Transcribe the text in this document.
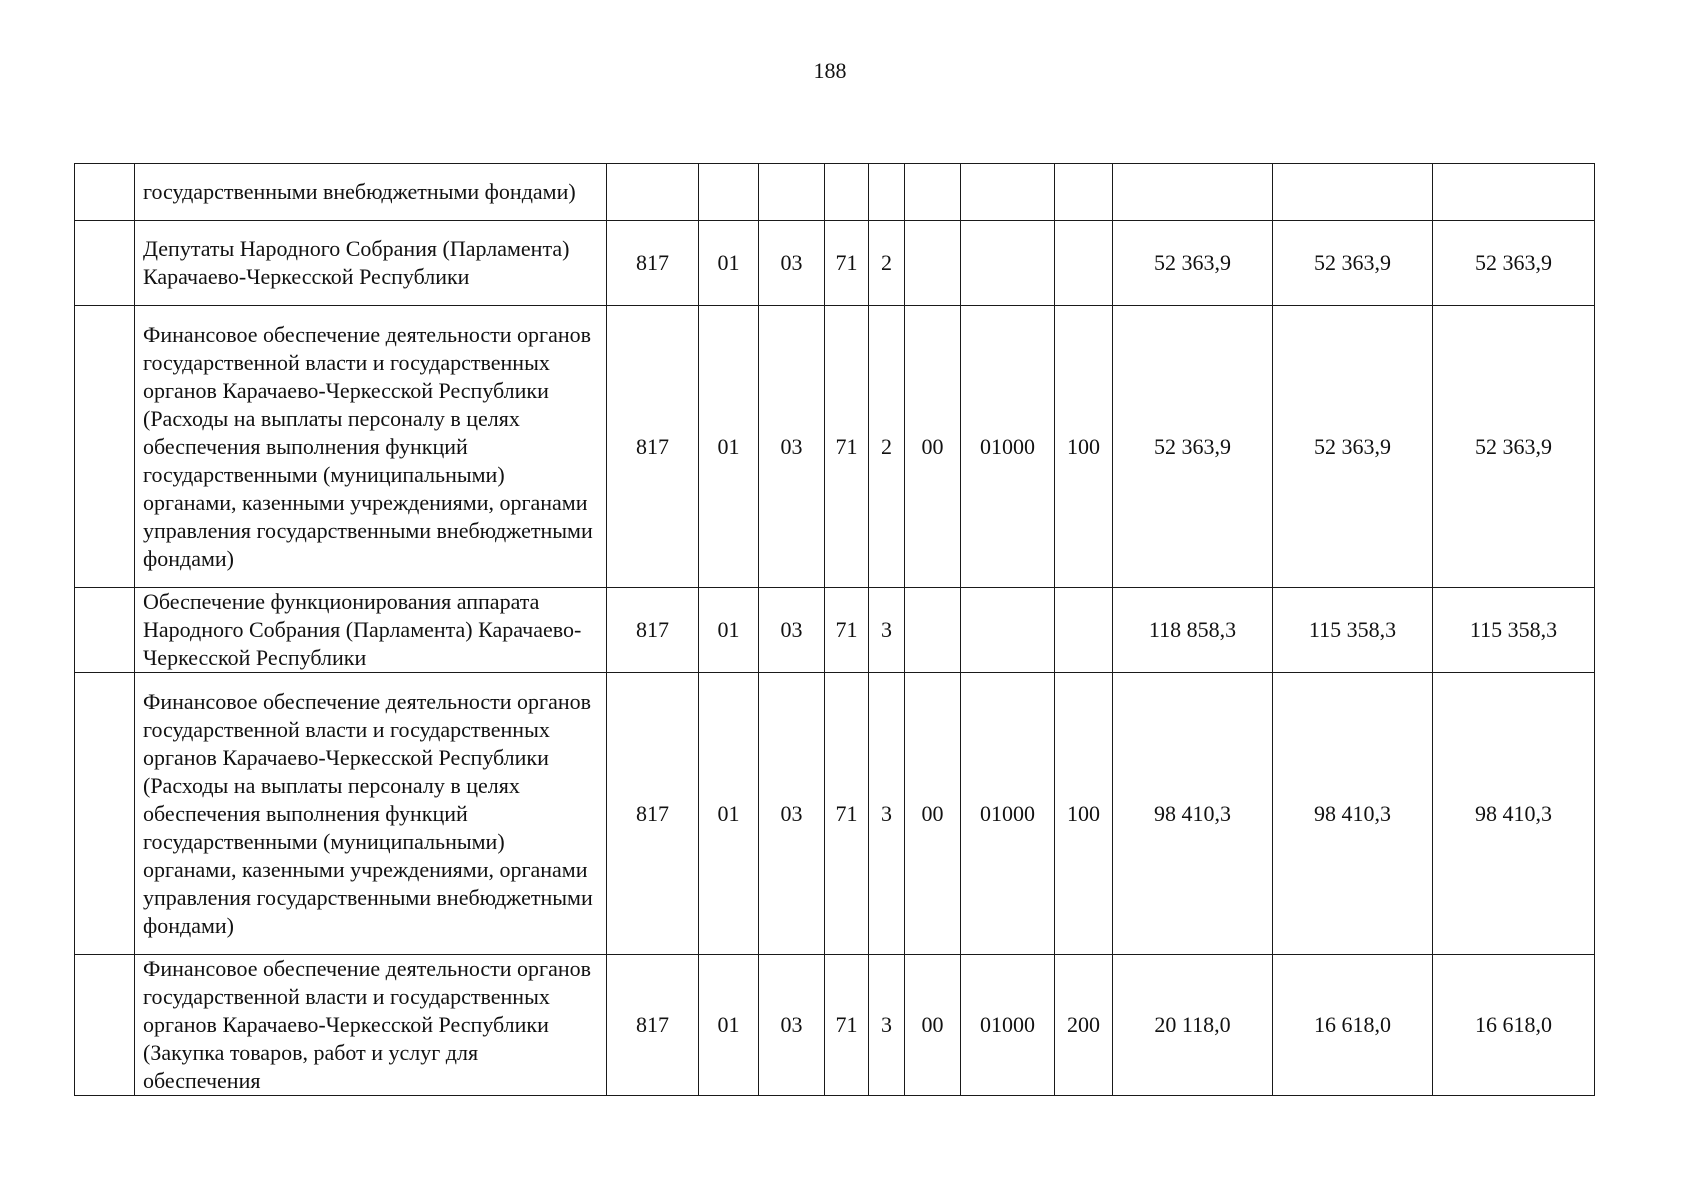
188
	государственными внебюджетными фондами)											
	Депутаты Народного Собрания (Парламента) Карачаево-Черкесской Республики	817	01	03	71	2				52 363,9	52 363,9	52 363,9
	Финансовое обеспечение деятельности органов государственной власти и государственных органов Карачаево-Черкесской Республики (Расходы на выплаты персоналу в целях обеспечения выполнения функций государственными (муниципальными) органами, казенными учреждениями, органами управления государственными внебюджетными фондами)	817	01	03	71	2	00	01000	100	52 363,9	52 363,9	52 363,9
	Обеспечение функционирования аппарата Народного Собрания (Парламента) Карачаево-Черкесской Республики	817	01	03	71	3				118 858,3	115 358,3	115 358,3
	Финансовое обеспечение деятельности органов государственной власти и государственных органов Карачаево-Черкесской Республики (Расходы на выплаты персоналу в целях обеспечения выполнения функций государственными (муниципальными) органами, казенными учреждениями, органами управления государственными внебюджетными фондами)	817	01	03	71	3	00	01000	100	98 410,3	98 410,3	98 410,3
	Финансовое обеспечение деятельности органов государственной власти и государственных органов Карачаево-Черкесской Республики (Закупка товаров, работ и услуг для обеспечения	817	01	03	71	3	00	01000	200	20 118,0	16 618,0	16 618,0
